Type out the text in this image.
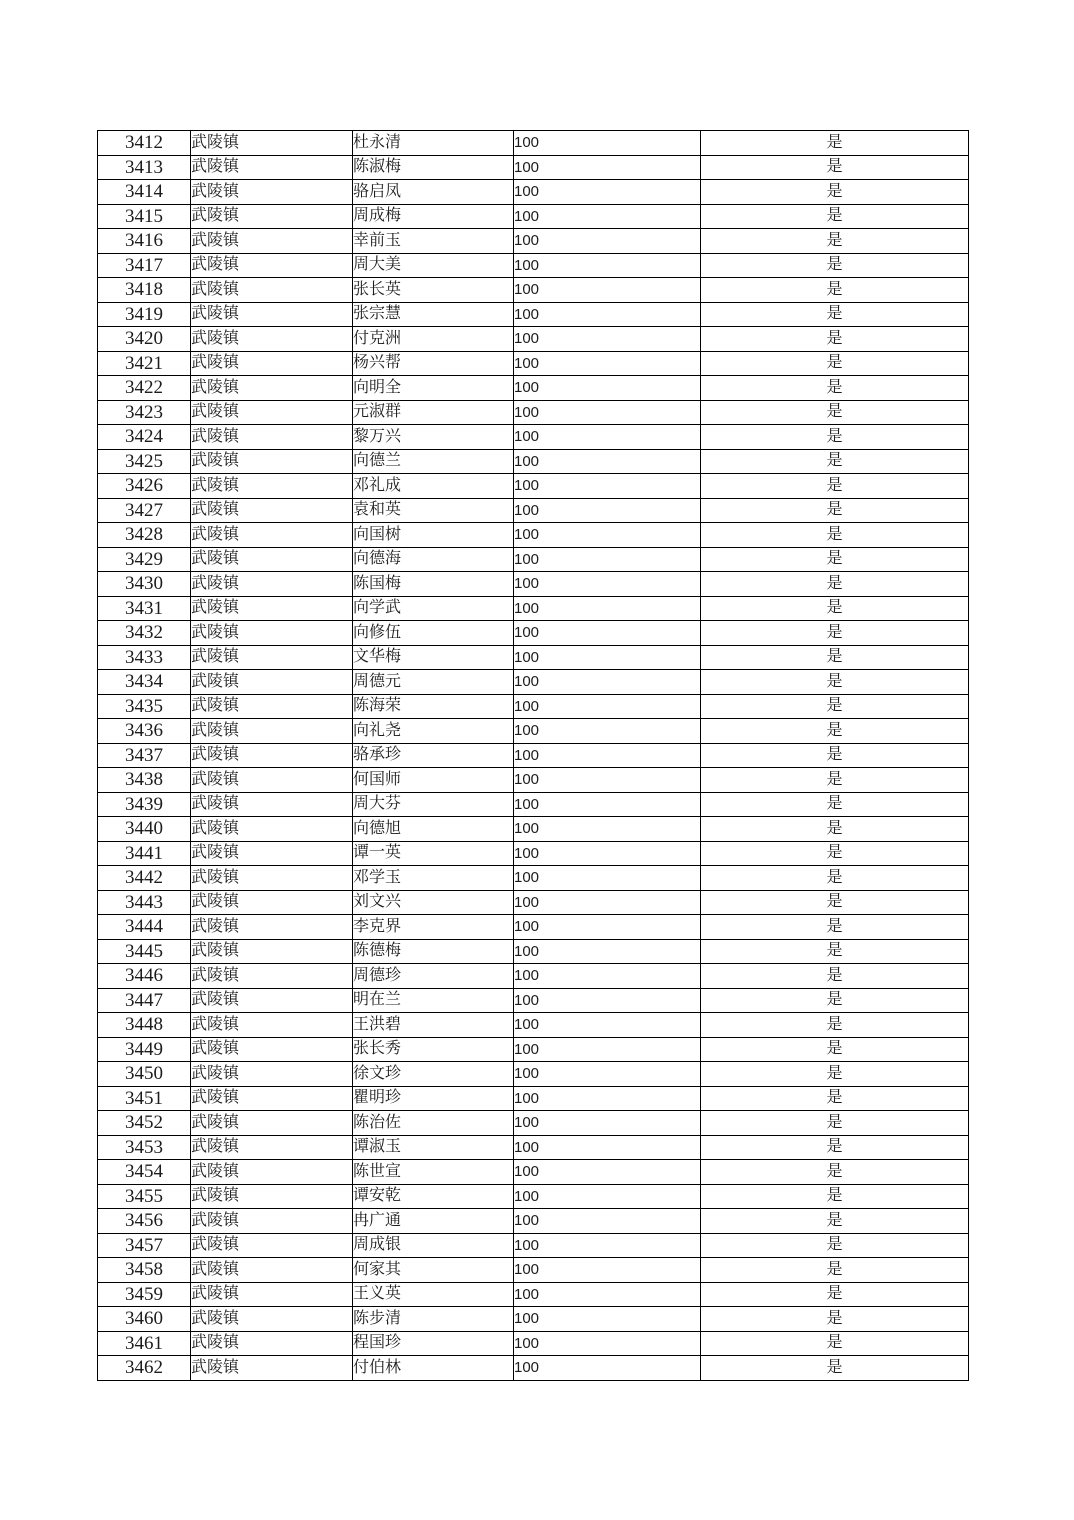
3412	武陵镇	杜永清	100	是
3413	武陵镇	陈淑梅	100	是
3414	武陵镇	骆启凤	100	是
3415	武陵镇	周成梅	100	是
3416	武陵镇	幸前玉	100	是
3417	武陵镇	周大美	100	是
3418	武陵镇	张长英	100	是
3419	武陵镇	张宗慧	100	是
3420	武陵镇	付克洲	100	是
3421	武陵镇	杨兴帮	100	是
3422	武陵镇	向明全	100	是
3423	武陵镇	元淑群	100	是
3424	武陵镇	黎万兴	100	是
3425	武陵镇	向德兰	100	是
3426	武陵镇	邓礼成	100	是
3427	武陵镇	袁和英	100	是
3428	武陵镇	向国树	100	是
3429	武陵镇	向德海	100	是
3430	武陵镇	陈国梅	100	是
3431	武陵镇	向学武	100	是
3432	武陵镇	向修伍	100	是
3433	武陵镇	文华梅	100	是
3434	武陵镇	周德元	100	是
3435	武陵镇	陈海荣	100	是
3436	武陵镇	向礼尧	100	是
3437	武陵镇	骆承珍	100	是
3438	武陵镇	何国师	100	是
3439	武陵镇	周大芬	100	是
3440	武陵镇	向德旭	100	是
3441	武陵镇	谭一英	100	是
3442	武陵镇	邓学玉	100	是
3443	武陵镇	刘文兴	100	是
3444	武陵镇	李克界	100	是
3445	武陵镇	陈德梅	100	是
3446	武陵镇	周德珍	100	是
3447	武陵镇	明在兰	100	是
3448	武陵镇	王洪碧	100	是
3449	武陵镇	张长秀	100	是
3450	武陵镇	徐文珍	100	是
3451	武陵镇	瞿明珍	100	是
3452	武陵镇	陈治佐	100	是
3453	武陵镇	谭淑玉	100	是
3454	武陵镇	陈世宣	100	是
3455	武陵镇	谭安乾	100	是
3456	武陵镇	冉广通	100	是
3457	武陵镇	周成银	100	是
3458	武陵镇	何家其	100	是
3459	武陵镇	王义英	100	是
3460	武陵镇	陈步清	100	是
3461	武陵镇	程国珍	100	是
3462	武陵镇	付伯林	100	是
